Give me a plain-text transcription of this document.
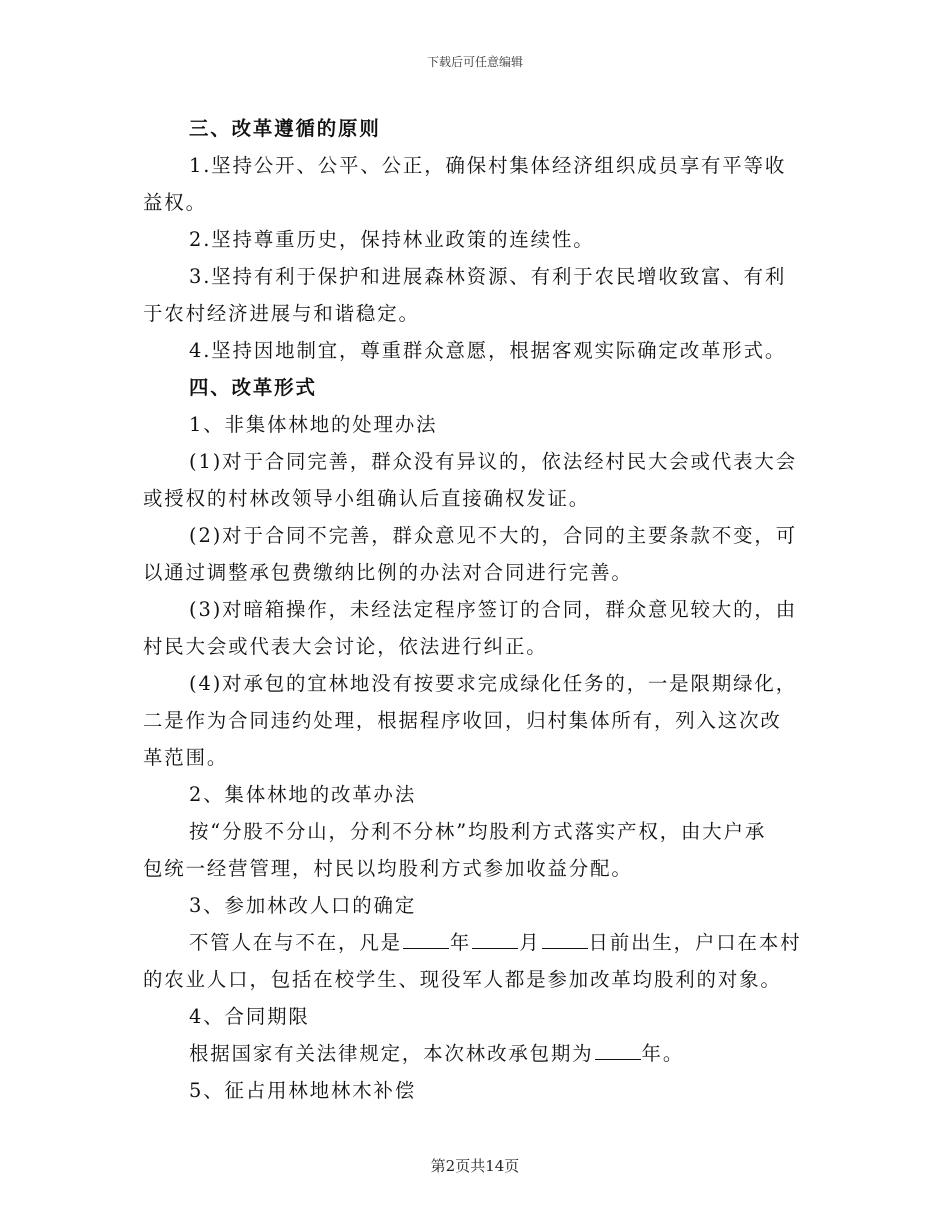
下载后可任意编辑
三、改革遵循的原则
1.坚持公开、公平、公正，确保村集体经济组织成员享有平等收
益权。
2.坚持尊重历史，保持林业政策的连续性。
3.坚持有利于保护和进展森林资源、有利于农民增收致富、有利
于农村经济进展与和谐稳定。
4.坚持因地制宜，尊重群众意愿，根据客观实际确定改革形式。
四、改革形式
1、非集体林地的处理办法
(1)对于合同完善，群众没有异议的，依法经村民大会或代表大会
或授权的村林改领导小组确认后直接确权发证。
(2)对于合同不完善，群众意见不大的，合同的主要条款不变，可
以通过调整承包费缴纳比例的办法对合同进行完善。
(3)对暗箱操作，未经法定程序签订的合同，群众意见较大的，由
村民大会或代表大会讨论，依法进行纠正。
(4)对承包的宜林地没有按要求完成绿化任务的，一是限期绿化，
二是作为合同违约处理，根据程序收回，归村集体所有，列入这次改
革范围。
2、集体林地的改革办法
按“分股不分山，分利不分林”均股利方式落实产权，由大户承
包统一经营管理，村民以均股利方式参加收益分配。
3、参加林改人口的确定
不管人在与不在，凡是 年 月 日前出生，户口在本村
的农业人口，包括在校学生、现役军人都是参加改革均股利的对象。
4、合同期限
根据国家有关法律规定，本次林改承包期为 年。
5、征占用林地林木补偿
第2页共14页
